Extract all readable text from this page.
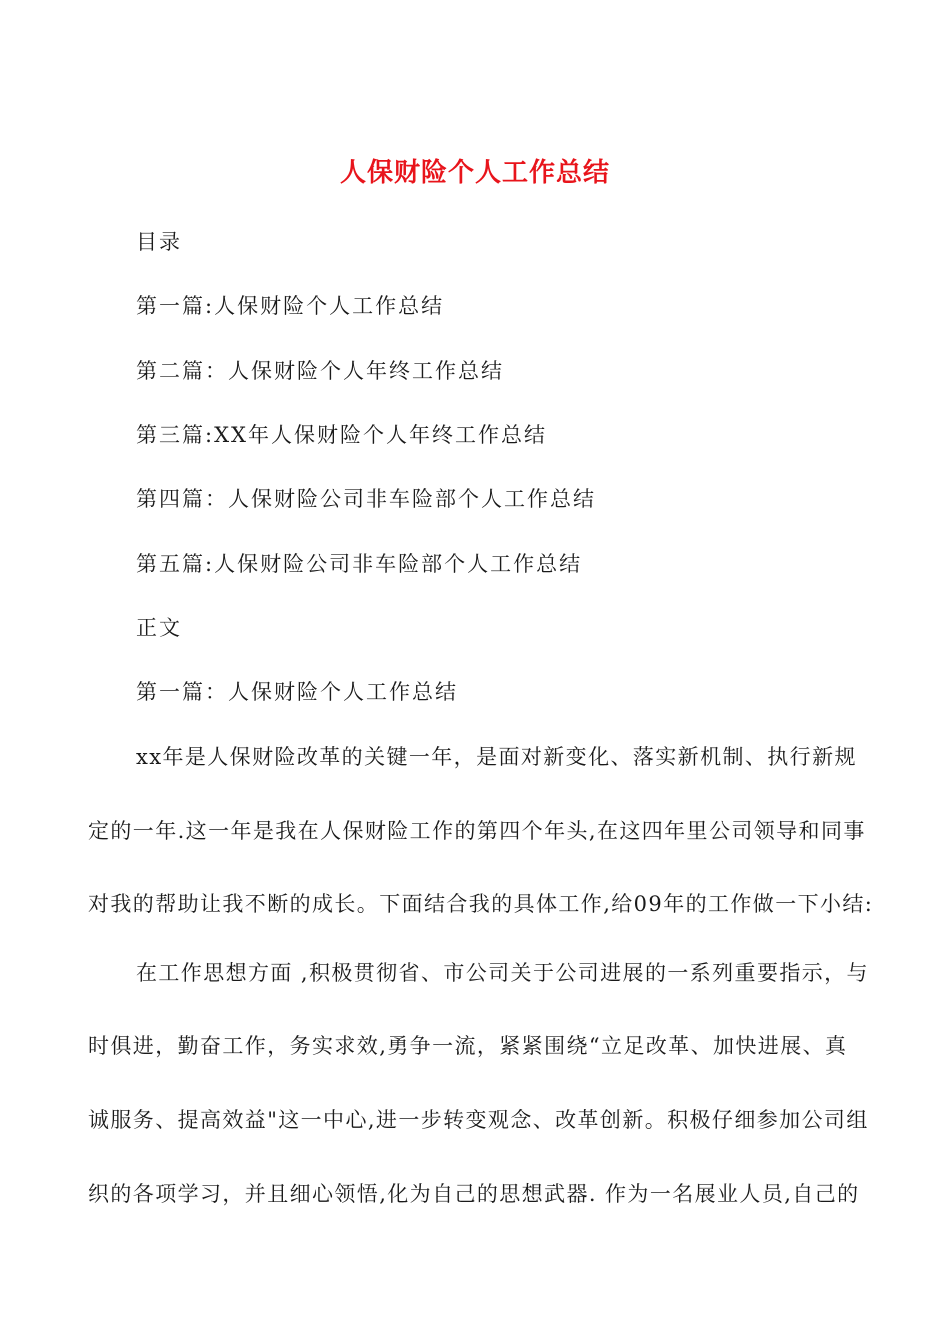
人保财险个人工作总结
目录
第一篇:人保财险个人工作总结
第二篇：人保财险个人年终工作总结
第三篇:XX年人保财险个人年终工作总结
第四篇：人保财险公司非车险部个人工作总结
第五篇:人保财险公司非车险部个人工作总结
正文
第一篇：人保财险个人工作总结
xx年是人保财险改革的关键一年，是面对新变化、落实新机制、执行新规
定的一年.这一年是我在人保财险工作的第四个年头,在这四年里公司领导和同事
对我的帮助让我不断的成长。下面结合我的具体工作,给09年的工作做一下小结:
在工作思想方面 ,积极贯彻省、市公司关于公司进展的一系列重要指示，与
时俱进，勤奋工作，务实求效,勇争一流，紧紧围绕“立足改革、加快进展、真
诚服务、提高效益"这一中心,进一步转变观念、改革创新。积极仔细参加公司组
织的各项学习，并且细心领悟,化为自己的思想武器. 作为一名展业人员,自己的
